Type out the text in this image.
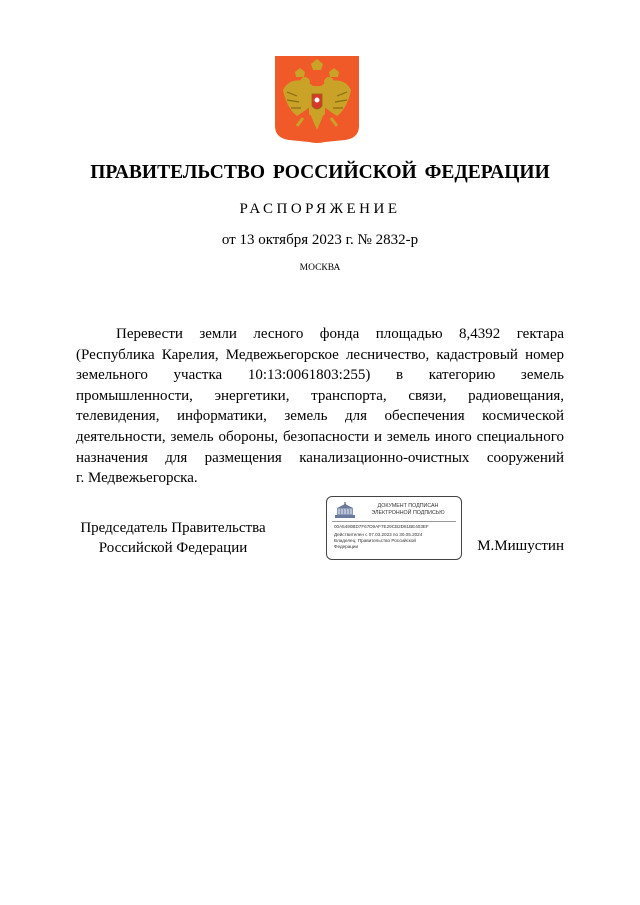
ПРАВИТЕЛЬСТВО РОССИЙСКОЙ ФЕДЕРАЦИИ
РАСПОРЯЖЕНИЕ
от 13 октября 2023 г. № 2832-р
МОСКВА
Перевести земли лесного фонда площадью 8,4392 гектара
(Республика Карелия, Медвежьегорское лесничество, кадастровый номер
земельного участка 10:13:0061803:255) в категорию земель
промышленности, энергетики, транспорта, связи, радиовещания,
телевидения, информатики, земель для обеспечения космической
деятельности, земель обороны, безопасности и земель иного специального
назначения для размещения канализационно-очистных сооружений
г. Медвежьегорска.
Председатель Правительства
Российской Федерации
ДОКУМЕНТ ПОДПИСАН
ЭЛЕКТРОННОЙ ПОДПИСЬЮ
00A5490BD7F67D9AF7E29CB2D81BE403EF
Действителен с 07.03.2023 по 30.05.2024
Владелец: Правительство Российской
Федерации	М.Мишустин
